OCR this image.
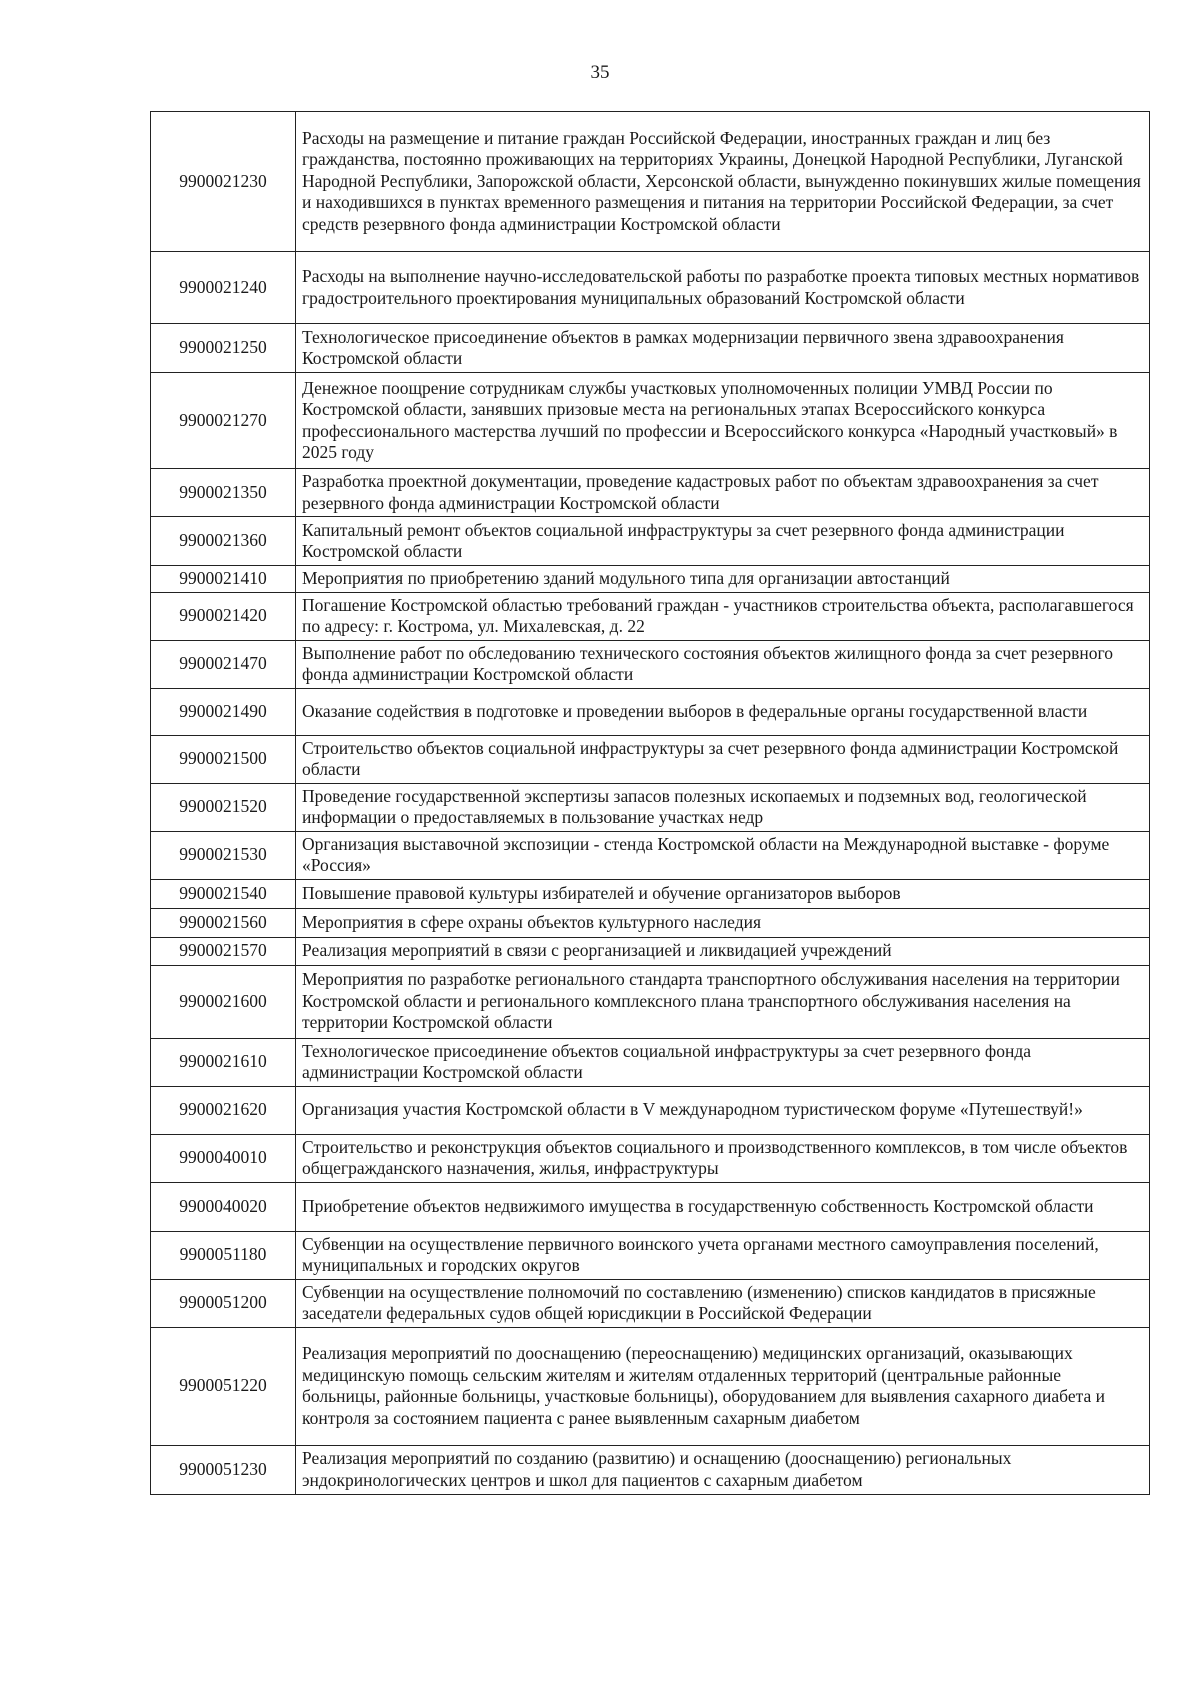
35
9900021230	Расходы на размещение и питание граждан Российской Федерации, иностранных граждан и лиц без гражданства, постоянно проживающих на территориях Украины, Донецкой Народной Республики, Луганской Народной Республики, Запорожской области, Херсонской области, вынужденно покинувших жилые помещения и находившихся в пунктах временного размещения и питания на территории Российской Федерации, за счет средств резервного фонда администрации Костромской области
9900021240	Расходы на выполнение научно-исследовательской работы по разработке проекта типовых местных нормативов градостроительного проектирования муниципальных образований Костромской области
9900021250	Технологическое присоединение объектов в рамках модернизации первичного звена здравоохранения Костромской области
9900021270	Денежное поощрение сотрудникам службы участковых уполномоченных полиции УМВД России по Костромской области, занявших призовые места на региональных этапах Всероссийского конкурса профессионального мастерства лучший по профессии и Всероссийского конкурса «Народный участковый» в 2025 году
9900021350	Разработка проектной документации, проведение кадастровых работ по объектам здравоохранения за счет резервного фонда администрации Костромской области
9900021360	Капитальный ремонт объектов социальной инфраструктуры за счет резервного фонда администрации Костромской области
9900021410	Мероприятия по приобретению зданий модульного типа для организации автостанций
9900021420	Погашение Костромской областью требований граждан - участников строительства объекта, располагавшегося по адресу: г. Кострома, ул. Михалевская, д. 22
9900021470	Выполнение работ по обследованию технического состояния объектов жилищного фонда за счет резервного фонда администрации Костромской области
9900021490	Оказание содействия в подготовке и проведении выборов в федеральные органы государственной власти
9900021500	Строительство объектов социальной инфраструктуры за счет резервного фонда администрации Костромской области
9900021520	Проведение государственной экспертизы запасов полезных ископаемых и подземных вод, геологической информации о предоставляемых в пользование участках недр
9900021530	Организация выставочной экспозиции - стенда Костромской области на Международной выставке - форуме «Россия»
9900021540	Повышение правовой культуры избирателей и обучение организаторов выборов
9900021560	Мероприятия в сфере охраны объектов культурного наследия
9900021570	Реализация мероприятий в связи с реорганизацией и ликвидацией учреждений
9900021600	Мероприятия по разработке регионального стандарта транспортного обслуживания населения на территории Костромской области и регионального комплексного плана транспортного обслуживания населения на территории Костромской области
9900021610	Технологическое присоединение объектов социальной инфраструктуры за счет резервного фонда администрации Костромской области
9900021620	Организация участия Костромской области в V международном туристическом форуме «Путешествуй!»
9900040010	Строительство и реконструкция объектов социального и производственного комплексов, в том числе объектов общегражданского назначения, жилья, инфраструктуры
9900040020	Приобретение объектов недвижимого имущества в государственную собственность Костромской области
9900051180	Субвенции на осуществление первичного воинского учета органами местного самоуправления поселений, муниципальных и городских округов
9900051200	Субвенции на осуществление полномочий по составлению (изменению) списков кандидатов в присяжные заседатели федеральных судов общей юрисдикции в Российской Федерации
9900051220	Реализация мероприятий по дооснащению (переоснащению) медицинских организаций, оказывающих медицинскую помощь сельским жителям и жителям отдаленных территорий (центральные районные больницы, районные больницы, участковые больницы), оборудованием для выявления сахарного диабета и контроля за состоянием пациента с ранее выявленным сахарным диабетом
9900051230	Реализация мероприятий по созданию (развитию) и оснащению (дооснащению) региональных эндокринологических центров и школ для пациентов с сахарным диабетом
